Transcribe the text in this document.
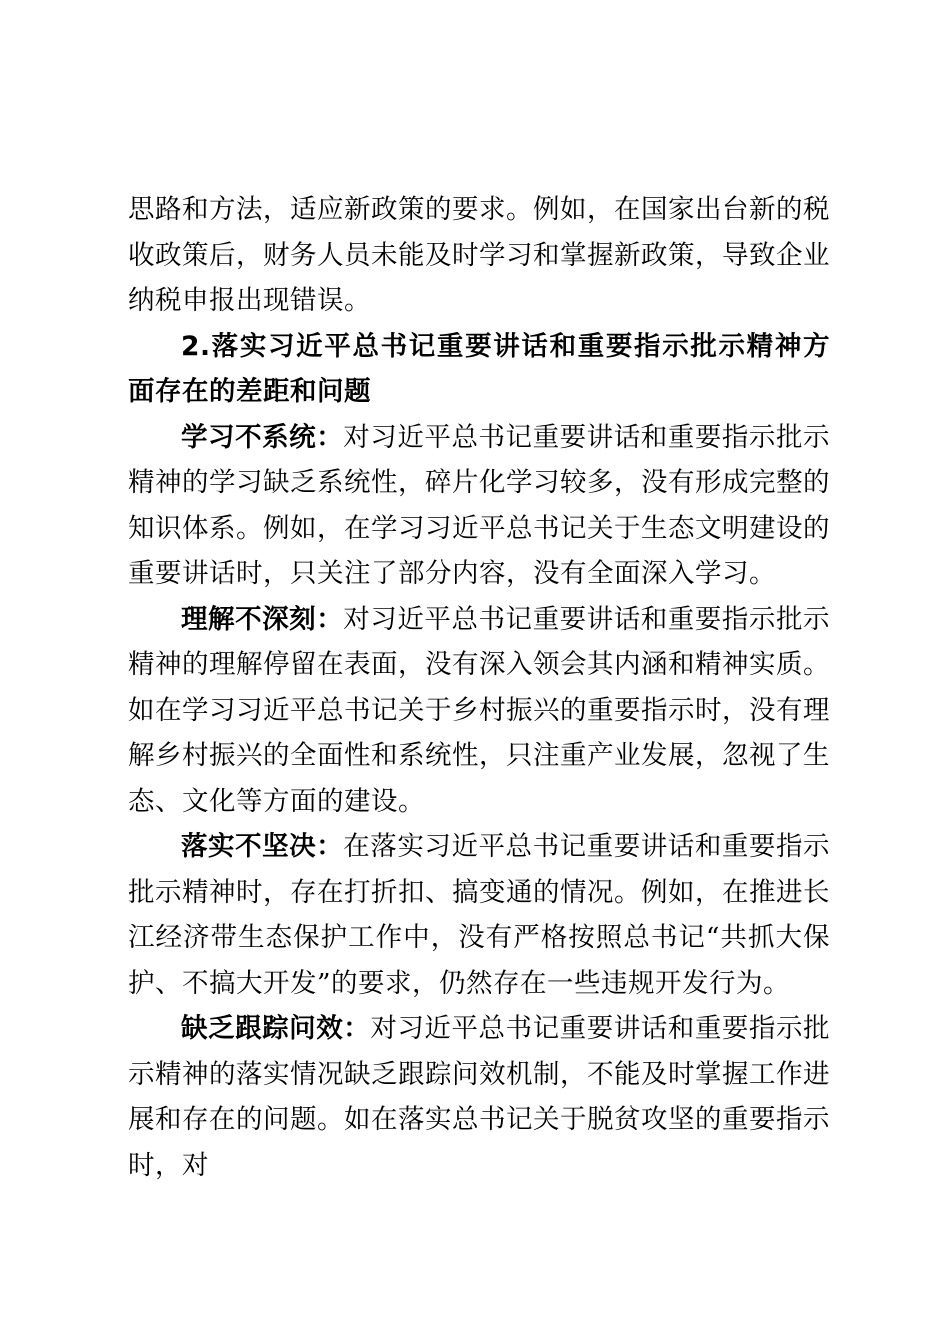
思路和方法，适应新政策的要求。例如，在国家出台新的税收政策后，财务人员未能及时学习和掌握新政策，导致企业纳税申报出现错误。

2.落实习近平总书记重要讲话和重要指示批示精神方面存在的差距和问题

学习不系统：对习近平总书记重要讲话和重要指示批示精神的学习缺乏系统性，碎片化学习较多，没有形成完整的知识体系。例如，在学习习近平总书记关于生态文明建设的重要讲话时，只关注了部分内容，没有全面深入学习。

理解不深刻：对习近平总书记重要讲话和重要指示批示精神的理解停留在表面，没有深入领会其内涵和精神实质。如在学习习近平总书记关于乡村振兴的重要指示时，没有理解乡村振兴的全面性和系统性，只注重产业发展，忽视了生态、文化等方面的建设。

落实不坚决：在落实习近平总书记重要讲话和重要指示批示精神时，存在打折扣、搞变通的情况。例如，在推进长江经济带生态保护工作中，没有严格按照总书记“共抓大保护、不搞大开发”的要求，仍然存在一些违规开发行为。

缺乏跟踪问效：对习近平总书记重要讲话和重要指示批示精神的落实情况缺乏跟踪问效机制，不能及时掌握工作进展和存在的问题。如在落实总书记关于脱贫攻坚的重要指示时，对
